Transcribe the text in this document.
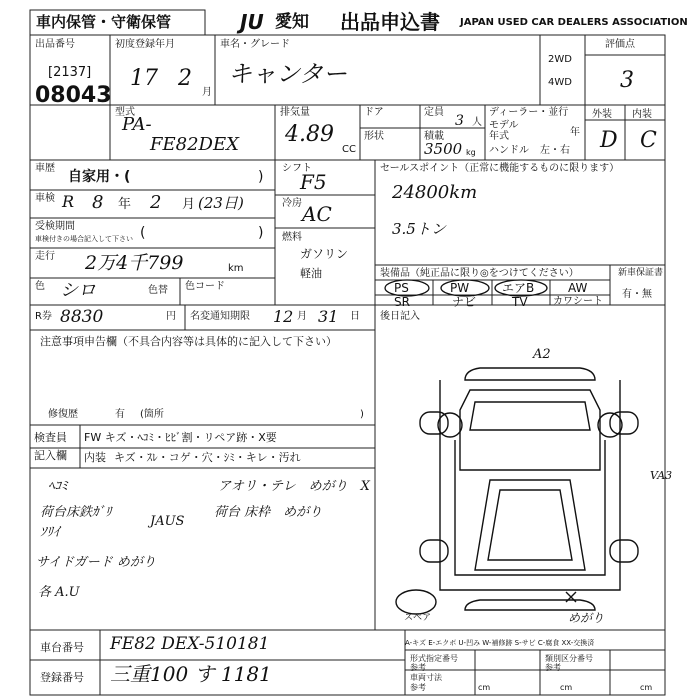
車内保管・守衛保管	JU 愛知 出品申込書 JAPAN USED CAR DEALERS ASSOCIATION
出品番号
[2137]
08043
初度登録年月
17 2
月
車名・グレード
キャンター
2WD
4WD
評価点
3
型式
PA-
FE82DEX
排気量
4.89
CC
ドア
形状
定員
3 人
積載
3500 kg
ディーラー・並行
モデル
年式	年
ハンドル 左・右
外装 内装
D C
車歴
自家用・(	)
車検 R 8 年 2 月 (23日)
受検期間
車検付きの場合記入して下さい (	)
走行 2万4千799	km
色 シロ	色替 色コード
シフト
F5
冷房 AC
燃料
ガソリン
軽油
セールスポイント（正常に機能するものに限ります）
24800km
3.5トン
装備品（純正品に限り◎をつけてください）
PS	PW	エアB	AW
SR	ナビ	TV	カワシート
新車保証書
有・無
R券 8830	円 名変通知期限 12 月 31 日 後日記入
注意事項申告欄（不具合内容等は具体的に記入して下さい）
修復歴	有 (箇所	)
検査員
記入欄
FW キズ・ﾍｺﾐ・ﾋﾋﾞ割・リペア跡・X要
内装 キズ・ｽﾚ・コゲ・穴・ｼﾐ・キレ・汚れ
ﾍｺﾐ	アオリ・テレ　めがり　X
荷台床鉄ｶﾞﾘ
JAUS
荷台 床枠　めがり
ｿﾘｲ
サイドガード めがり
各 A.U
A2
VA3
スペア	めがり
A-キズ E-エクボ U-凹み W-補修跡 S-サビ C-腐食 XX-交換済
車台番号 FE82 DEX-510181
登録番号 三重100 す 1181
形式指定番号	類別区分番号
参考	参考
車両寸法
参考	cm	cm	cm
